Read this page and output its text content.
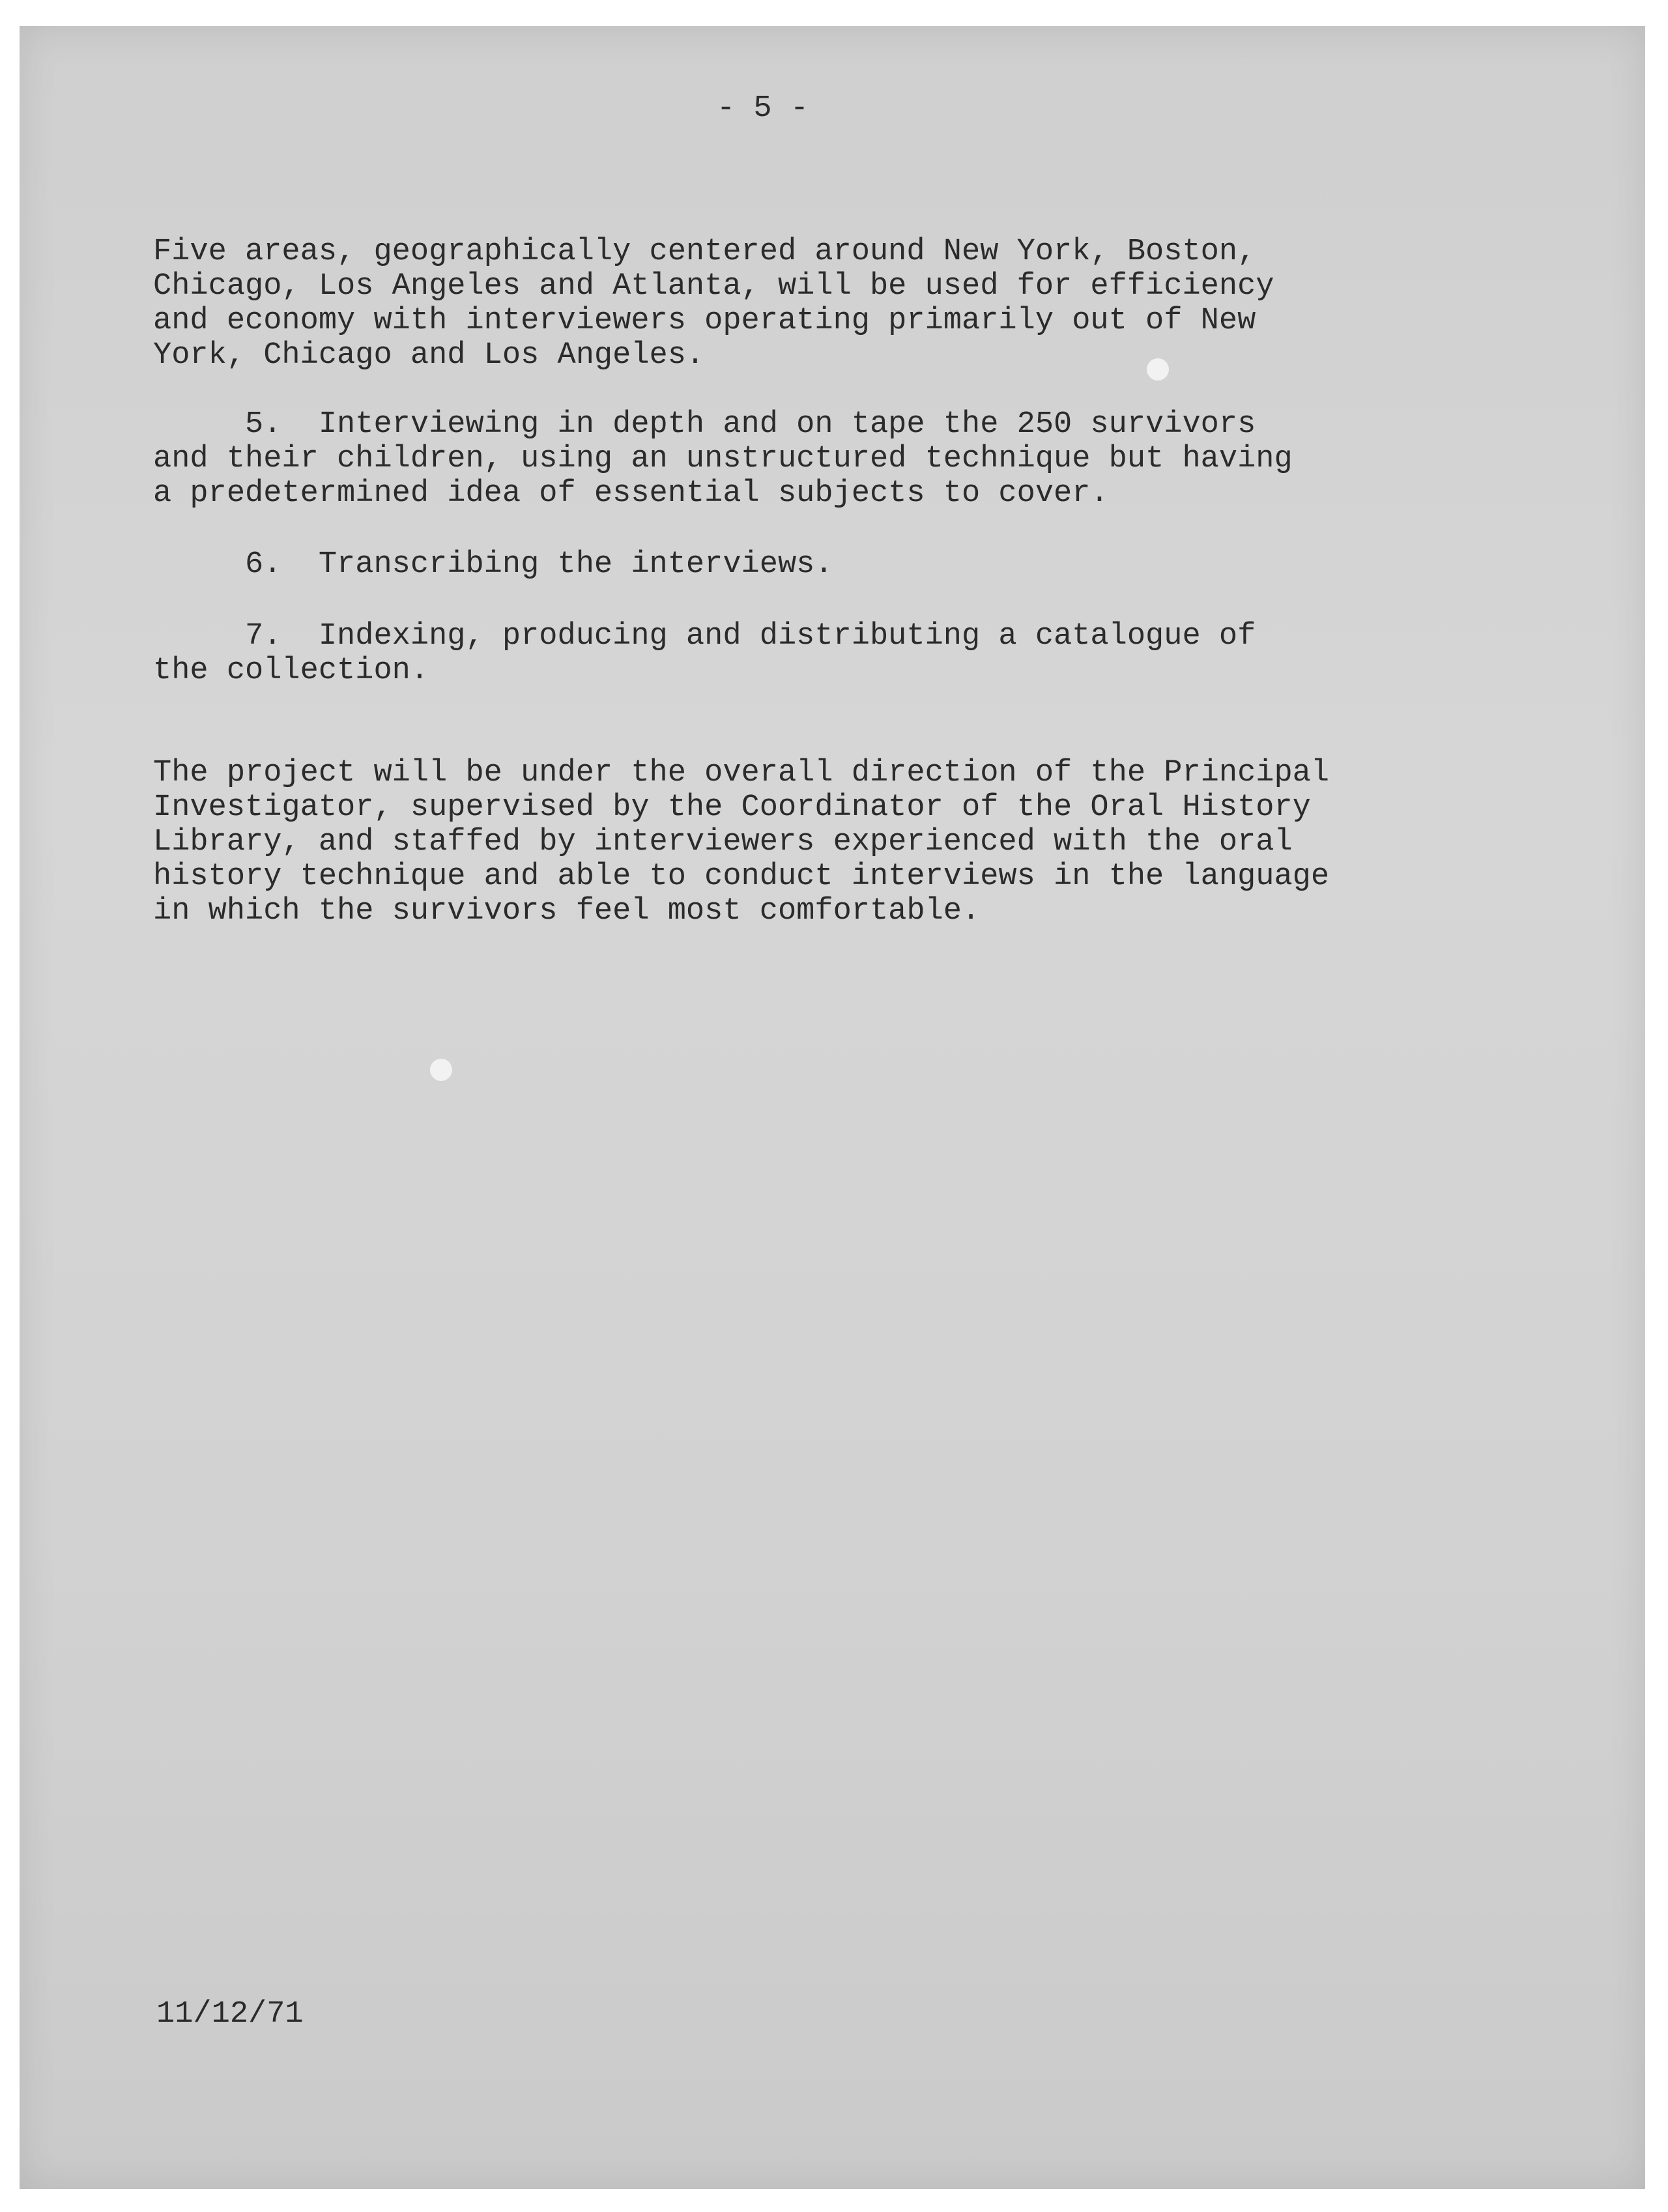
- 5 -

Five areas, geographically centered around New York, Boston,
Chicago, Los Angeles and Atlanta, will be used for efficiency
and economy with interviewers operating primarily out of New
York, Chicago and Los Angeles.

5.  Interviewing in depth and on tape the 250 survivors
and their children, using an unstructured technique but having
a predetermined idea of essential subjects to cover.

6.  Transcribing the interviews.

7.  Indexing, producing and distributing a catalogue of
the collection.

The project will be under the overall direction of the Principal
Investigator, supervised by the Coordinator of the Oral History
Library, and staffed by interviewers experienced with the oral
history technique and able to conduct interviews in the language
in which the survivors feel most comfortable.

11/12/71
